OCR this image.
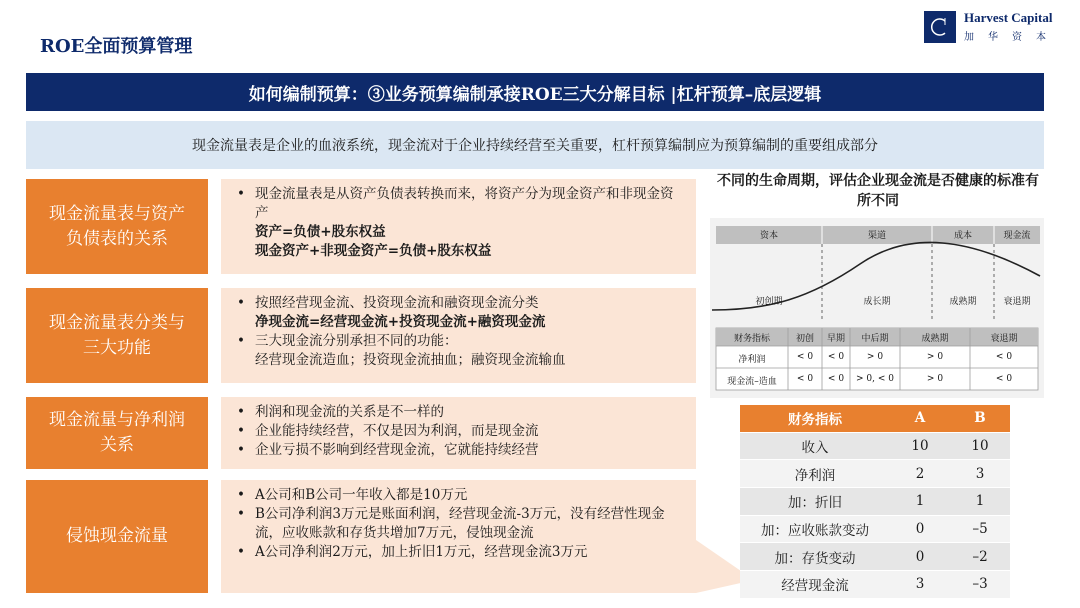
ROE全面预算管理
Harvest Capital
加华资本
如何编制预算：③业务预算编制承接ROE三大分解目标 |杠杆预算–底层逻辑
现金流量表是企业的血液系统，现金流对于企业持续经营至关重要，杠杆预算编制应为预算编制的重要组成部分
现金流量表与资产负债表的关系
• 现金流量表是从资产负债表转换而来，将资产分为现金资产和非现金资产
资产=负债+股东权益
现金资产+非现金资产=负债+股东权益
现金流量表分类与三大功能
• 按照经营现金流、投资现金流和融资现金流分类
净现金流=经营现金流+投资现金流+融资现金流
• 三大现金流分别承担不同的功能：
经营现金流造血；投资现金流抽血；融资现金流输血
现金流量与净利润关系
• 利润和现金流的关系是不一样的
• 企业能持续经营，不仅是因为利润，而是现金流
• 企业亏损不影响到经营现金流，它就能持续经营
侵蚀现金流量
• A公司和B公司一年收入都是10万元
• B公司净利润3万元是账面利润，经营现金流-3万元，没有经营性现金流，应收账款和存货共增加7万元，侵蚀现金流
• A公司净利润2万元，加上折旧1万元，经营现金流3万元
不同的生命周期，评估企业现金流是否健康的标准有所不同
资本	渠道	成本	现金流
初创期	成长期	成熟期	衰退期
财务指标	初创	早期	中后期	成熟期	衰退期
净利润	< 0	< 0	> 0	> 0	< 0
现金流–造血	< 0	< 0	> 0, < 0	> 0	< 0
财务指标	A	B
收入	10	10
净利润	2	3
加：折旧	1	1
加：应收账款变动	0	–5
加：存货变动	0	–2
经营现金流	3	–3
